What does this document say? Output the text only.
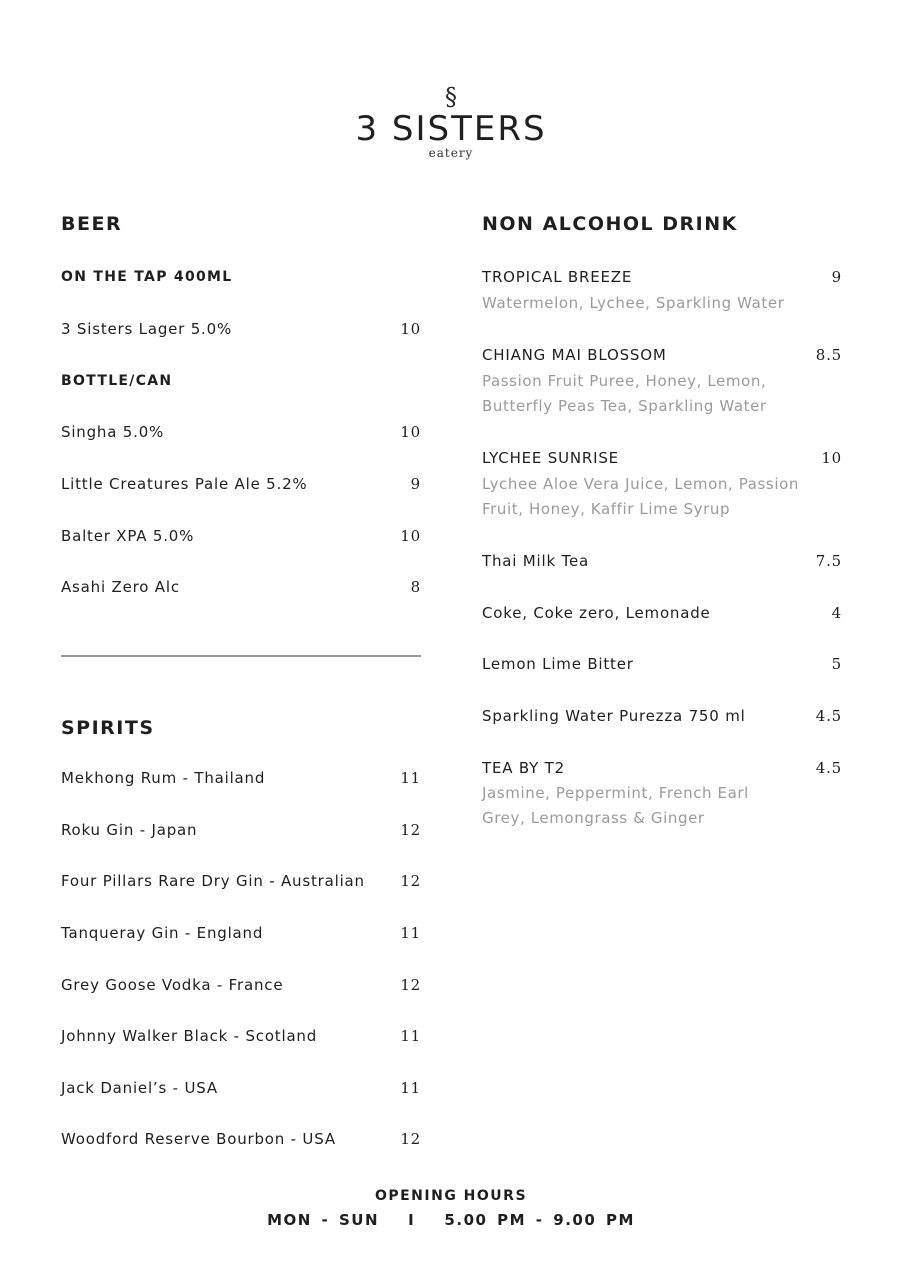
§
3 SISTERS
eatery
BEER
ON THE TAP 400ML
3 Sisters Lager 5.0%	10
BOTTLE/CAN
Singha 5.0%	10
Little Creatures Pale Ale 5.2%	9
Balter XPA 5.0%	10
Asahi Zero Alc	8
SPIRITS
Mekhong Rum - Thailand	11
Roku Gin - Japan	12
Four Pillars Rare Dry Gin - Australian 12
Tanqueray Gin - England	11
Grey Goose Vodka - France	12
Johnny Walker Black - Scotland	11
Jack Daniel’s - USA	11
Woodford Reserve Bourbon - USA	12
NON ALCOHOL DRINK
TROPICAL BREEZE	9
Watermelon, Lychee, Sparkling Water
CHIANG MAI BLOSSOM	8.5
Passion Fruit Puree, Honey, Lemon, Butterfly Peas Tea, Sparkling Water
LYCHEE SUNRISE	10
Lychee Aloe Vera Juice, Lemon, Passion Fruit, Honey, Kaffir Lime Syrup
Thai Milk Tea	7.5
Coke, Coke zero, Lemonade	4
Lemon Lime Bitter	5
Sparkling Water Purezza 750 ml	4.5
TEA BY T2	4.5
Jasmine, Peppermint, French Earl Grey, Lemongrass & Ginger
OPENING HOURS
MON - SUN   I   5.00 PM - 9.00 PM
